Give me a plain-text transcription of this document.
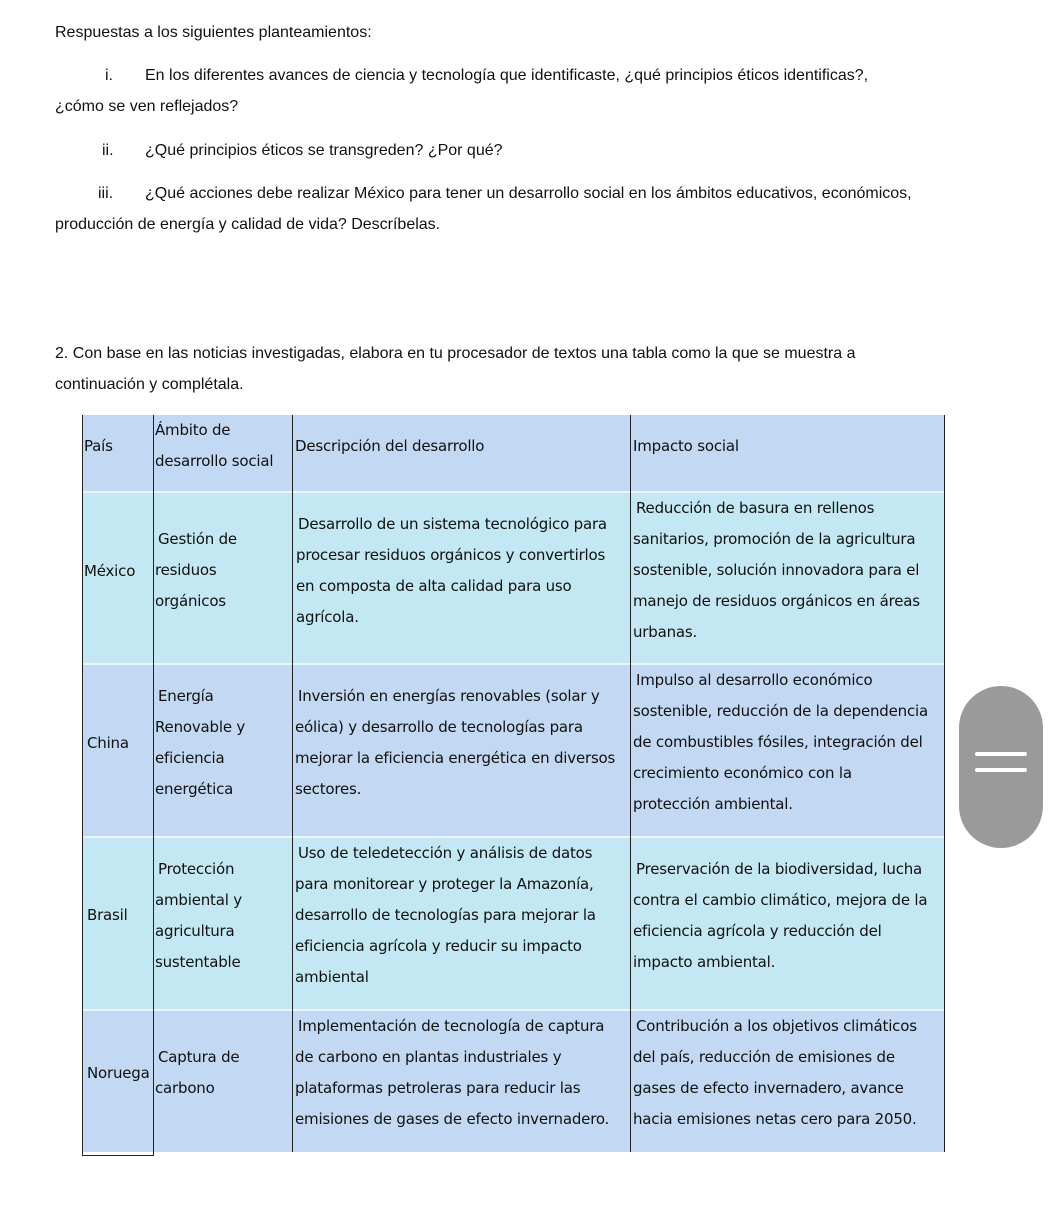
Respuestas a los siguientes planteamientos:
i. En los diferentes avances de ciencia y tecnología que identificaste, ¿qué principios éticos identificas?,
¿cómo se ven reflejados?
ii. ¿Qué principios éticos se transgreden? ¿Por qué?
iii. ¿Qué acciones debe realizar México para tener un desarrollo social en los ámbitos educativos, económicos,
producción de energía y calidad de vida? Descríbelas.
2. Con base en las noticias investigadas, elabora en tu procesador de textos una tabla como la que se muestra a
continuación y complétala.
País
Ámbito de
desarrollo social
Descripción del desarrollo	Impacto social
México
Gestión de
residuos
orgánicos
Desarrollo de un sistema tecnológico para
procesar residuos orgánicos y convertirlos
en composta de alta calidad para uso
agrícola.
Reducción de basura en rellenos
sanitarios, promoción de la agricultura
sostenible, solución innovadora para el
manejo de residuos orgánicos en áreas
urbanas.
China
Energía
Renovable y
eficiencia
energética
Inversión en energías renovables (solar y
eólica) y desarrollo de tecnologías para
mejorar la eficiencia energética en diversos
sectores.
Impulso al desarrollo económico
sostenible, reducción de la dependencia
de combustibles fósiles, integración del
crecimiento económico con la
protección ambiental.
Brasil
Protección
ambiental y
agricultura
sustentable
Uso de teledetección y análisis de datos
para monitorear y proteger la Amazonía,
desarrollo de tecnologías para mejorar la
eficiencia agrícola y reducir su impacto
ambiental
Preservación de la biodiversidad, lucha
contra el cambio climático, mejora de la
eficiencia agrícola y reducción del
impacto ambiental.
Noruega
Captura de
carbono
Implementación de tecnología de captura
de carbono en plantas industriales y
plataformas petroleras para reducir las
emisiones de gases de efecto invernadero.
Contribución a los objetivos climáticos
del país, reducción de emisiones de
gases de efecto invernadero, avance
hacia emisiones netas cero para 2050.
